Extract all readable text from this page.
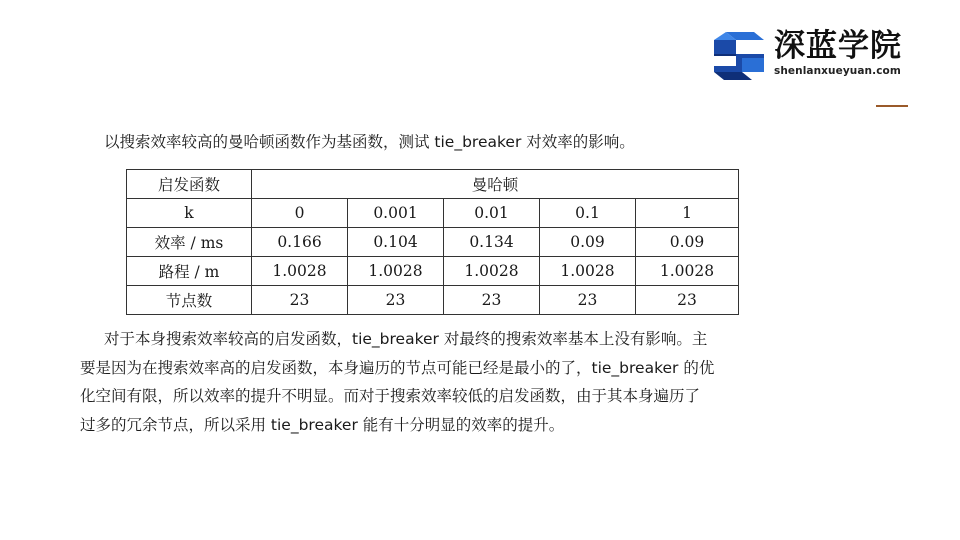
深蓝学院
shenlanxueyuan.com
以搜索效率较高的曼哈顿函数作为基函数，测试 tie_breaker 对效率的影响。
启发函数	曼哈顿				
k	0	0.001	0.01	0.1	1
效率 / ms	0.166	0.104	0.134	0.09	0.09
路程 / m	1.0028	1.0028	1.0028	1.0028	1.0028
节点数	23	23	23	23	23
对于本身搜索效率较高的启发函数，tie_breaker 对最终的搜索效率基本上没有影响。主
要是因为在搜索效率高的启发函数，本身遍历的节点可能已经是最小的了，tie_breaker 的优
化空间有限，所以效率的提升不明显。而对于搜索效率较低的启发函数，由于其本身遍历了
过多的冗余节点，所以采用 tie_breaker 能有十分明显的效率的提升。
